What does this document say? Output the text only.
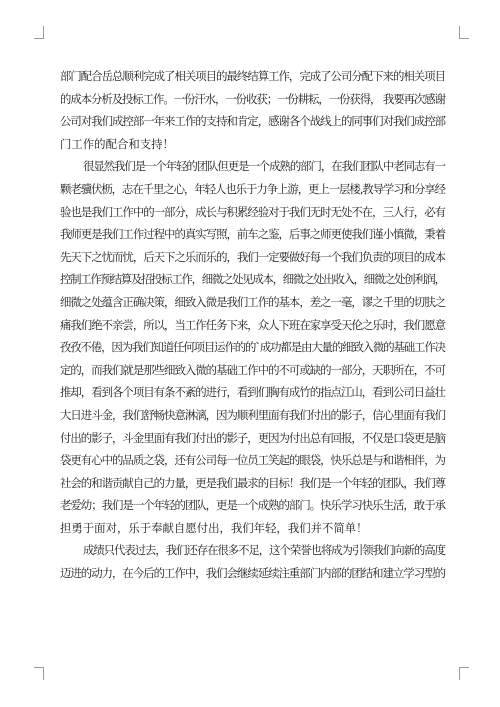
部门配合岳总顺利完成了相关项目的最终结算工作，完成了公司分配下来的相关项目
的成本分析及投标工作。一份汗水，一份收获；一份耕耘，一份获得， 我要再次感谢
公司对我们成控部一年来工作的支持和肯定，感谢各个战线上的同事们对我们成控部
门工作的配合和支持！
很显然我们是一个年轻的团队但更是一个成熟的部门，在我们团队中老同志有一
颗老骥伏枥，志在千里之心，年轻人也乐于力争上游，更上一层楼,教导学习和分享经
验也是我们工作中的一部分，成长与积累经验对于我们无时无处不在，三人行，必有
我师更是我们工作过程中的真实写照，前车之鉴，后事之师更使我们谨小慎微，秉着
先天下之忧而忧，后天下之乐而乐的，我们一定要做好每一个我们负责的项目的成本
控制工作预结算及招投标工作，细微之处见成本，细微之处出收入，细微之处创利润，
细微之处蕴含正确决策，细致入微是我们工作的基本，差之一毫，谬之千里的切肤之
痛我们绝不亲尝，所以，当工作任务下来，众人下班在家享受天伦之乐时，我们愿意
孜孜不倦，因为我们知道任何项目运作的的`成功都是由大量的细致入微的基础工作决
定的，而我们就是那些细致入微的基础工作中的不可或缺的一部分，天职所在，不可
推却，看到各个项目有条不紊的进行，看到们胸有成竹的指点江山，看到公司日益壮
大日进斗金，我们舒畅快意淋漓，因为顺利里面有我们付出的影子，信心里面有我们
付出的影子，斗金里面有我们付出的影子，更因为付出总有回报，不仅是口袋更是脑
袋更有心中的品质之袋，还有公司每一位员工笑起的眼袋，快乐总是与和谐相伴，为
社会的和谐贡献自己的力量，更是我们最求的目标！我们是一个年轻的团队，我们尊
老爱幼；我们是一个年轻的团队，更是一个成熟的部门。快乐学习快乐生活，敢于承
担勇于面对，乐于奉献自愿付出，我们年轻，我们并不简单！
成绩只代表过去，我们还存在很多不足，这个荣誉也将成为引领我们向新的高度
迈进的动力，在今后的工作中，我们会继续延续注重部门内部的团结和建立学习型的
